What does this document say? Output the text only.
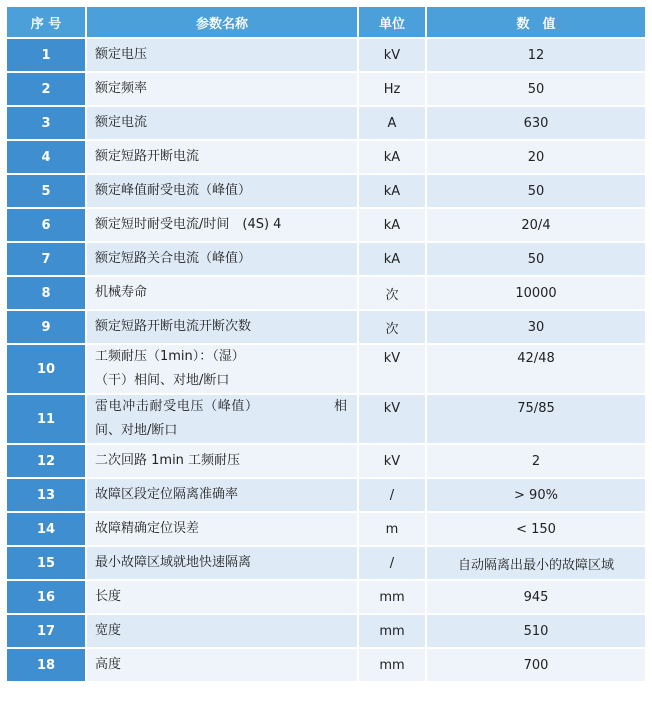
序 号	参数名称	单位	数　值
1	额定电压	kV	12
2	额定频率	Hz	50
3	额定电流	A	630
4	额定短路开断电流	kA	20
5	额定峰值耐受电流（峰值）	kA	50
6	额定短时耐受电流/时间　(4S) 4	kA	20/4
7	额定短路关合电流（峰值）	kA	50
8	机械寿命	次	10000
9	额定短路开断电流开断次数	次	30
10	工频耐压（1min）：（湿）
（干）相间、对地/断口	kV	42/48
11	雷电冲击耐受电压（峰值）　　　　　　相间、对地/断口	kV	75/85
12	二次回路 1min 工频耐压	kV	2
13	故障区段定位隔离准确率	/	> 90%
14	故障精确定位误差	m	< 150
15	最小故障区域就地快速隔离	/	自动隔离出最小的故障区域
16	长度	mm	945
17	宽度	mm	510
18	高度	mm	700
